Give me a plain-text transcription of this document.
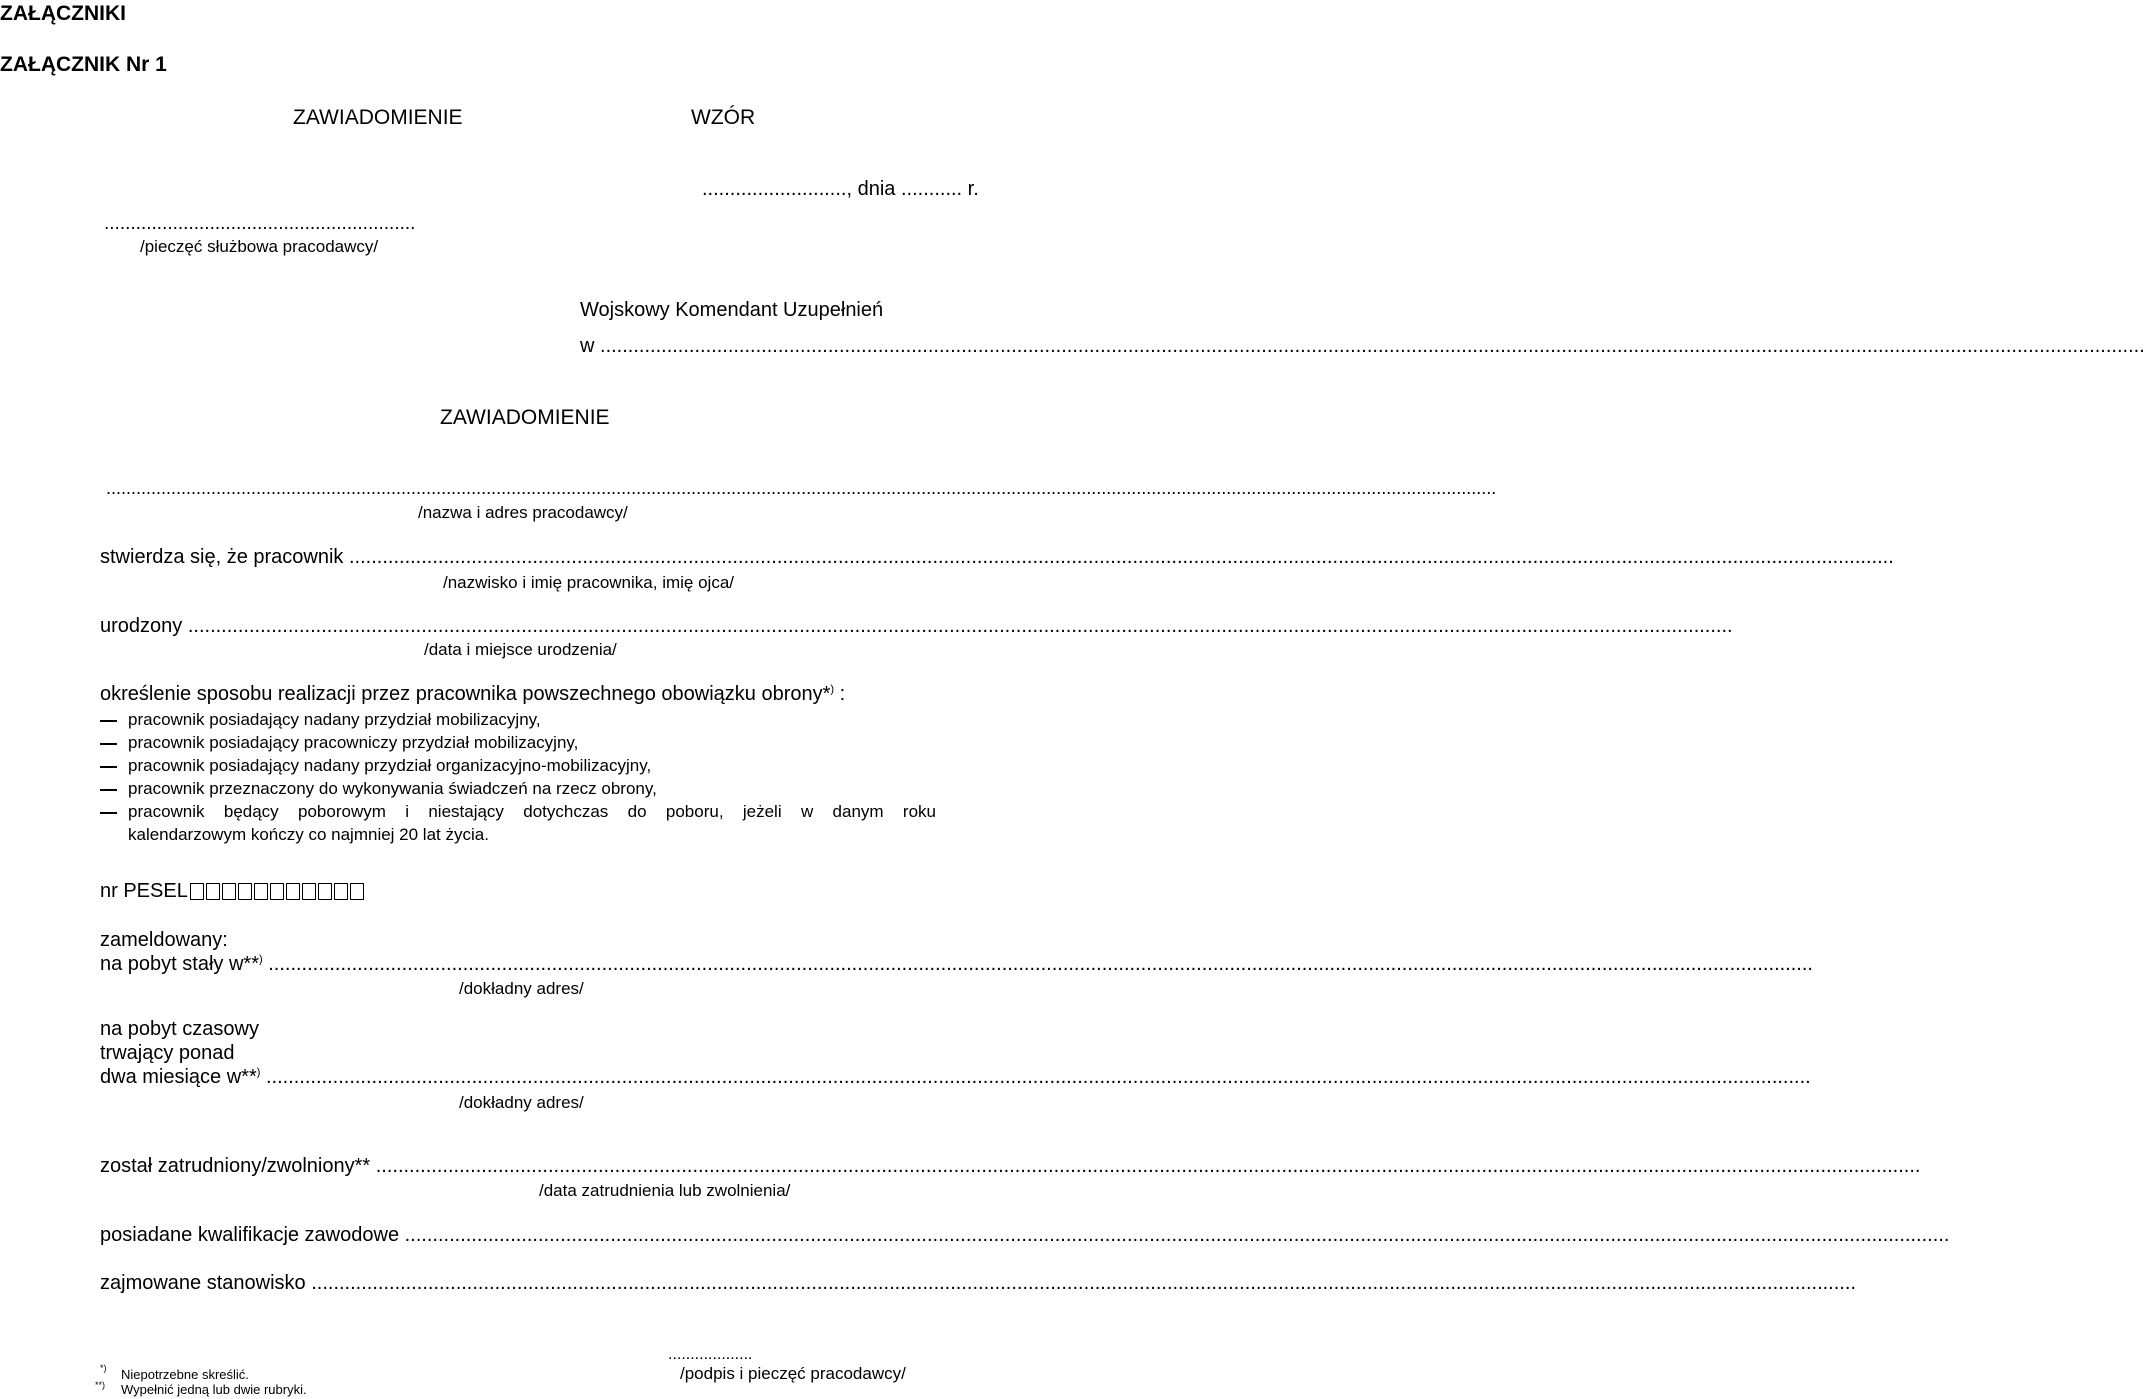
ZAŁĄCZNIKI
ZAŁĄCZNIK Nr 1
ZAWIADOMIENIE	WZÓR
.........................., dnia ........... r.
...........................................................
/pieczęć służbowa pracodawcy/
Wojskowy Komendant Uzupełnień
w .....
ZAWIADOMIENIE
.....
/nazwa i adres pracodawcy/
stwierdza się, że pracownik .....
/nazwisko i imię pracownika, imię ojca/
urodzony .....
/data i miejsce urodzenia/
określenie sposobu realizacji przez pracownika powszechnego obowiązku obrony*) :
pracownik posiadający nadany przydział mobilizacyjny,
pracownik posiadający pracowniczy przydział mobilizacyjny,
pracownik posiadający nadany przydział organizacyjno-mobilizacyjny,
pracownik przeznaczony do wykonywania świadczeń na rzecz obrony,
pracownik będący poborowym i niestający dotychczas do poboru, jeżeli w danym roku
kalendarzowym kończy co najmniej 20 lat życia.
nr PESEL
zameldowany:
na pobyt stały w**) .....
/dokładny adres/
na pobyt czasowy
trwający ponad
dwa miesiące w**) .....
/dokładny adres/
został zatrudniony/zwolniony** .....
/data zatrudnienia lub zwolnienia/
posiadane kwalifikacje zawodowe .....
zajmowane stanowisko .....
*) Niepotrzebne skreślić.
**) Wypełnić jedną lub dwie rubryki.
...................
/podpis i pieczęć pracodawcy/
